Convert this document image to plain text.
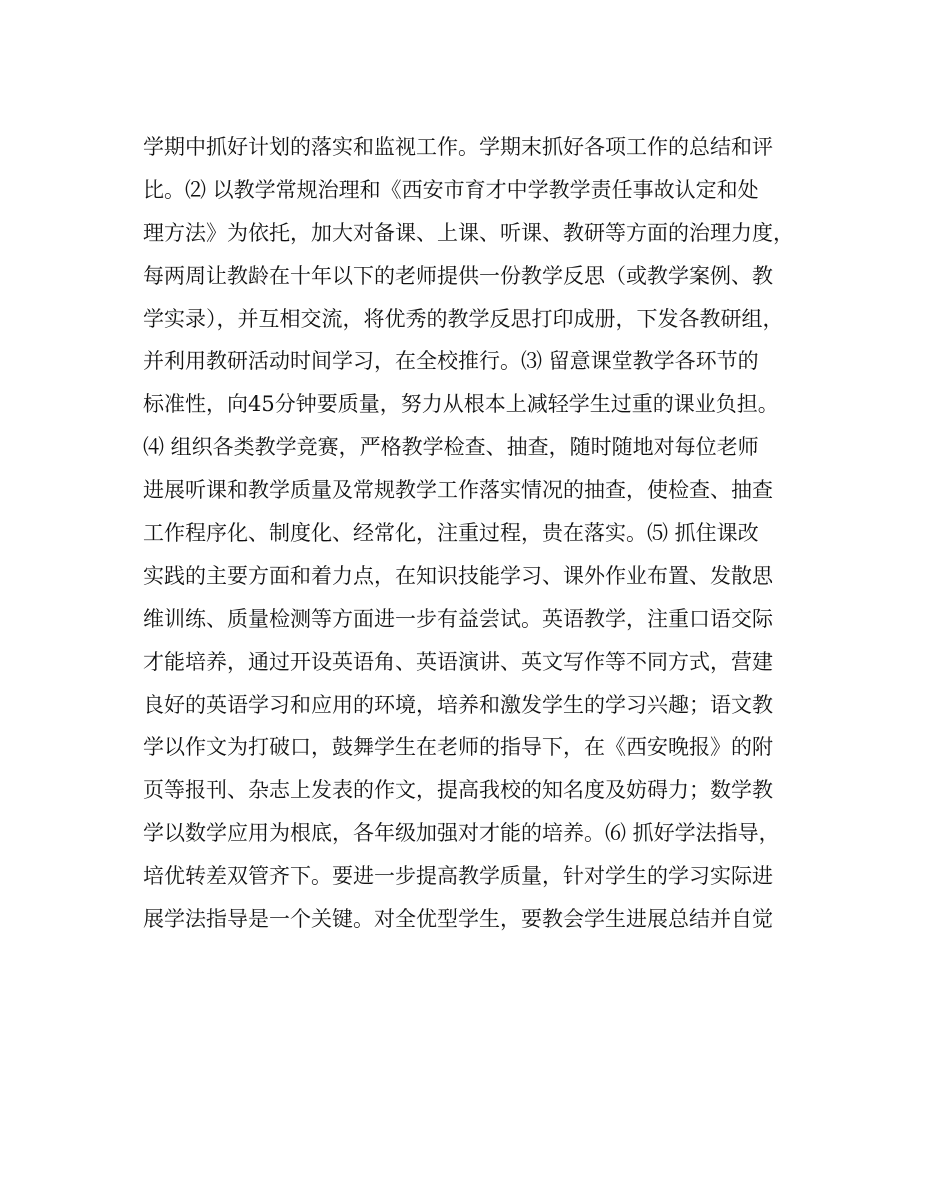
学期中抓好计划的落实和监视工作。学期末抓好各项工作的总结和评
比。⑵ 以教学常规治理和《西安市育才中学教学责任事故认定和处
理方法》为依托，加大对备课、上课、听课、教研等方面的治理力度，
每两周让教龄在十年以下的老师提供一份教学反思（或教学案例、教
学实录），并互相交流，将优秀的教学反思打印成册，下发各教研组，
并利用教研活动时间学习，在全校推行。⑶ 留意课堂教学各环节的
标准性，向45分钟要质量，努力从根本上减轻学生过重的课业负担。
⑷ 组织各类教学竞赛，严格教学检查、抽查，随时随地对每位老师
进展听课和教学质量及常规教学工作落实情况的抽查，使检查、抽查
工作程序化、制度化、经常化，注重过程，贵在落实。⑸ 抓住课改
实践的主要方面和着力点，在知识技能学习、课外作业布置、发散思
维训练、质量检测等方面进一步有益尝试。英语教学，注重口语交际
才能培养，通过开设英语角、英语演讲、英文写作等不同方式，营建
良好的英语学习和应用的环境，培养和激发学生的学习兴趣；语文教
学以作文为打破口，鼓舞学生在老师的指导下，在《西安晚报》的附
页等报刊、杂志上发表的作文，提高我校的知名度及妨碍力；数学教
学以数学应用为根底，各年级加强对才能的培养。⑹ 抓好学法指导，
培优转差双管齐下。要进一步提高教学质量，针对学生的学习实际进
展学法指导是一个关键。对全优型学生，要教会学生进展总结并自觉
